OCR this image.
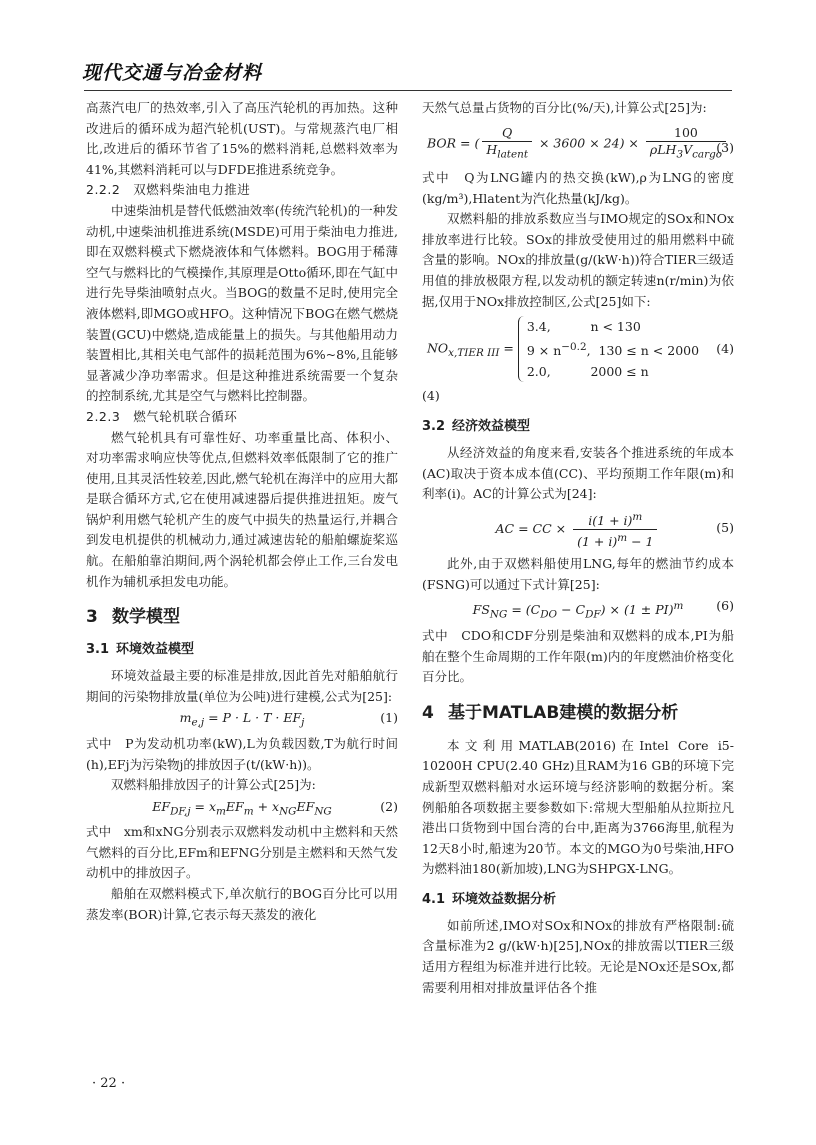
现代交通与冶金材料

高蒸汽电厂的热效率,引入了高压汽轮机的再加热。这种改进后的循环成为超汽轮机(UST)。与常规蒸汽电厂相比,改进后的循环节省了15%的燃料消耗,总燃料效率为41%,其燃料消耗可以与DFDE推进系统竞争。

2.2.2　双燃料柴油电力推进

中速柴油机是替代低燃油效率(传统汽轮机)的一种发动机,中速柴油机推进系统(MSDE)可用于柴油电力推进,即在双燃料模式下燃烧液体和气体燃料。BOG用于稀薄空气与燃料比的气模操作,其原理是Otto循环,即在气缸中进行先导柴油喷射点火。当BOG的数量不足时,使用完全液体燃料,即MGO或HFO。这种情况下BOG在燃气燃烧装置(GCU)中燃烧,造成能量上的损失。与其他船用动力装置相比,其相关电气部件的损耗范围为6%~8%,且能够显著减少净功率需求。但是这种推进系统需要一个复杂的控制系统,尤其是空气与燃料比控制器。

2.2.3　燃气轮机联合循环

燃气轮机具有可靠性好、功率重量比高、体积小、对功率需求响应快等优点,但燃料效率低限制了它的推广使用,且其灵活性较差,因此,燃气轮机在海洋中的应用大都是联合循环方式,它在使用减速器后提供推进扭矩。废气锅炉利用燃气轮机产生的废气中损失的热量运行,并耦合到发电机提供的机械动力,通过减速齿轮的船舶螺旋桨巡航。在船舶靠泊期间,两个涡轮机都会停止工作,三台发电机作为辅机承担发电功能。

3 数学模型
3.1 环境效益模型

环境效益最主要的标准是排放,因此首先对船舶航行期间的污染物排放量(单位为公吨)进行建模,公式为[25]:

$m_{e,j} = P \cdot L \cdot T \cdot EF_j$	(1)

式中　P为发动机功率(kW),L为负载因数,T为航行时间(h),EFj为污染物j的排放因子(t/(kW·h))。

双燃料船排放因子的计算公式[25]为:

$EF_{DF,j} = x_mEF_m + x_{NG}EF_{NG}$	(2)

式中　xm和xNG分别表示双燃料发动机中主燃料和天然气燃料的百分比,EFm和EFNG分别是主燃料和天然气发动机中的排放因子。

船舶在双燃料模式下,单次航行的BOG百分比可以用蒸发率(BOR)计算,它表示每天蒸发的液化

天然气总量占货物的百分比(%/天),计算公式[25]为:

BOR = ( $\frac{Q}{H_{latent}} \times 3600 \times 24) \times \frac{100}{\rho LH_3V_{cargo}}$
(3)

式中　Q为LNG罐内的热交换(kW),ρ为LNG的密度(kg/m³),Hlatent为汽化热量(kJ/kg)。

双燃料船的排放系数应当与IMO规定的SOx和NOx排放率进行比较。SOx的排放受使用过的船用燃料中硫含量的影响。NOx的排放量(g/(kW·h))符合TIER三级适用值的排放极限方程,以发动机的额定转速n(r/min)为依据,仅用于NOx排放控制区,公式[25]如下:

$NO_{x,TIER III}$ =
3.4,          n < 130
$9 \times n^{-0.2}$,  130 ≤ n < 2000
2.0,          2000 ≤ n
(4)

(4)

3.2 经济效益模型

从经济效益的角度来看,安装各个推进系统的年成本(AC)取决于资本成本值(CC)、平均预期工作年限(m)和利率(i)。AC的计算公式为[24]:

AC = CC × $\frac{i(1 + i)^m}{(1 + i)^m - 1}$	(5)

此外,由于双燃料船使用LNG,每年的燃油节约成本(FSNG)可以通过下式计算[25]:

$FS_{NG} = (C_{DO} - C_{DF}) \times (1 \pm PI)^m$	(6)

式中　CDO和CDF分别是柴油和双燃料的成本,PI为船舶在整个生命周期的工作年限(m)内的年度燃油价格变化百分比。

4 基于MATLAB建模的数据分析

本文利用MATLAB(2016)在Intel Core i5-10200H CPU(2.40 GHz)且RAM为16 GB的环境下完成新型双燃料船对水运环境与经济影响的数据分析。案例船舶各项数据主要参数如下:常规大型船舶从拉斯拉凡港出口货物到中国台湾的台中,距离为3766海里,航程为12天8小时,船速为20节。本文的MGO为0号柴油,HFO为燃料油180(新加坡),LNG为SHPGX-LNG。

4.1 环境效益数据分析

如前所述,IMO对SOx和NOx的排放有严格限制:硫含量标准为2 g/(kW·h)[25],NOx的排放需以TIER三级适用方程组为标准并进行比较。无论是NOx还是SOx,都需要利用相对排放量评估各个推

· 22 ·
